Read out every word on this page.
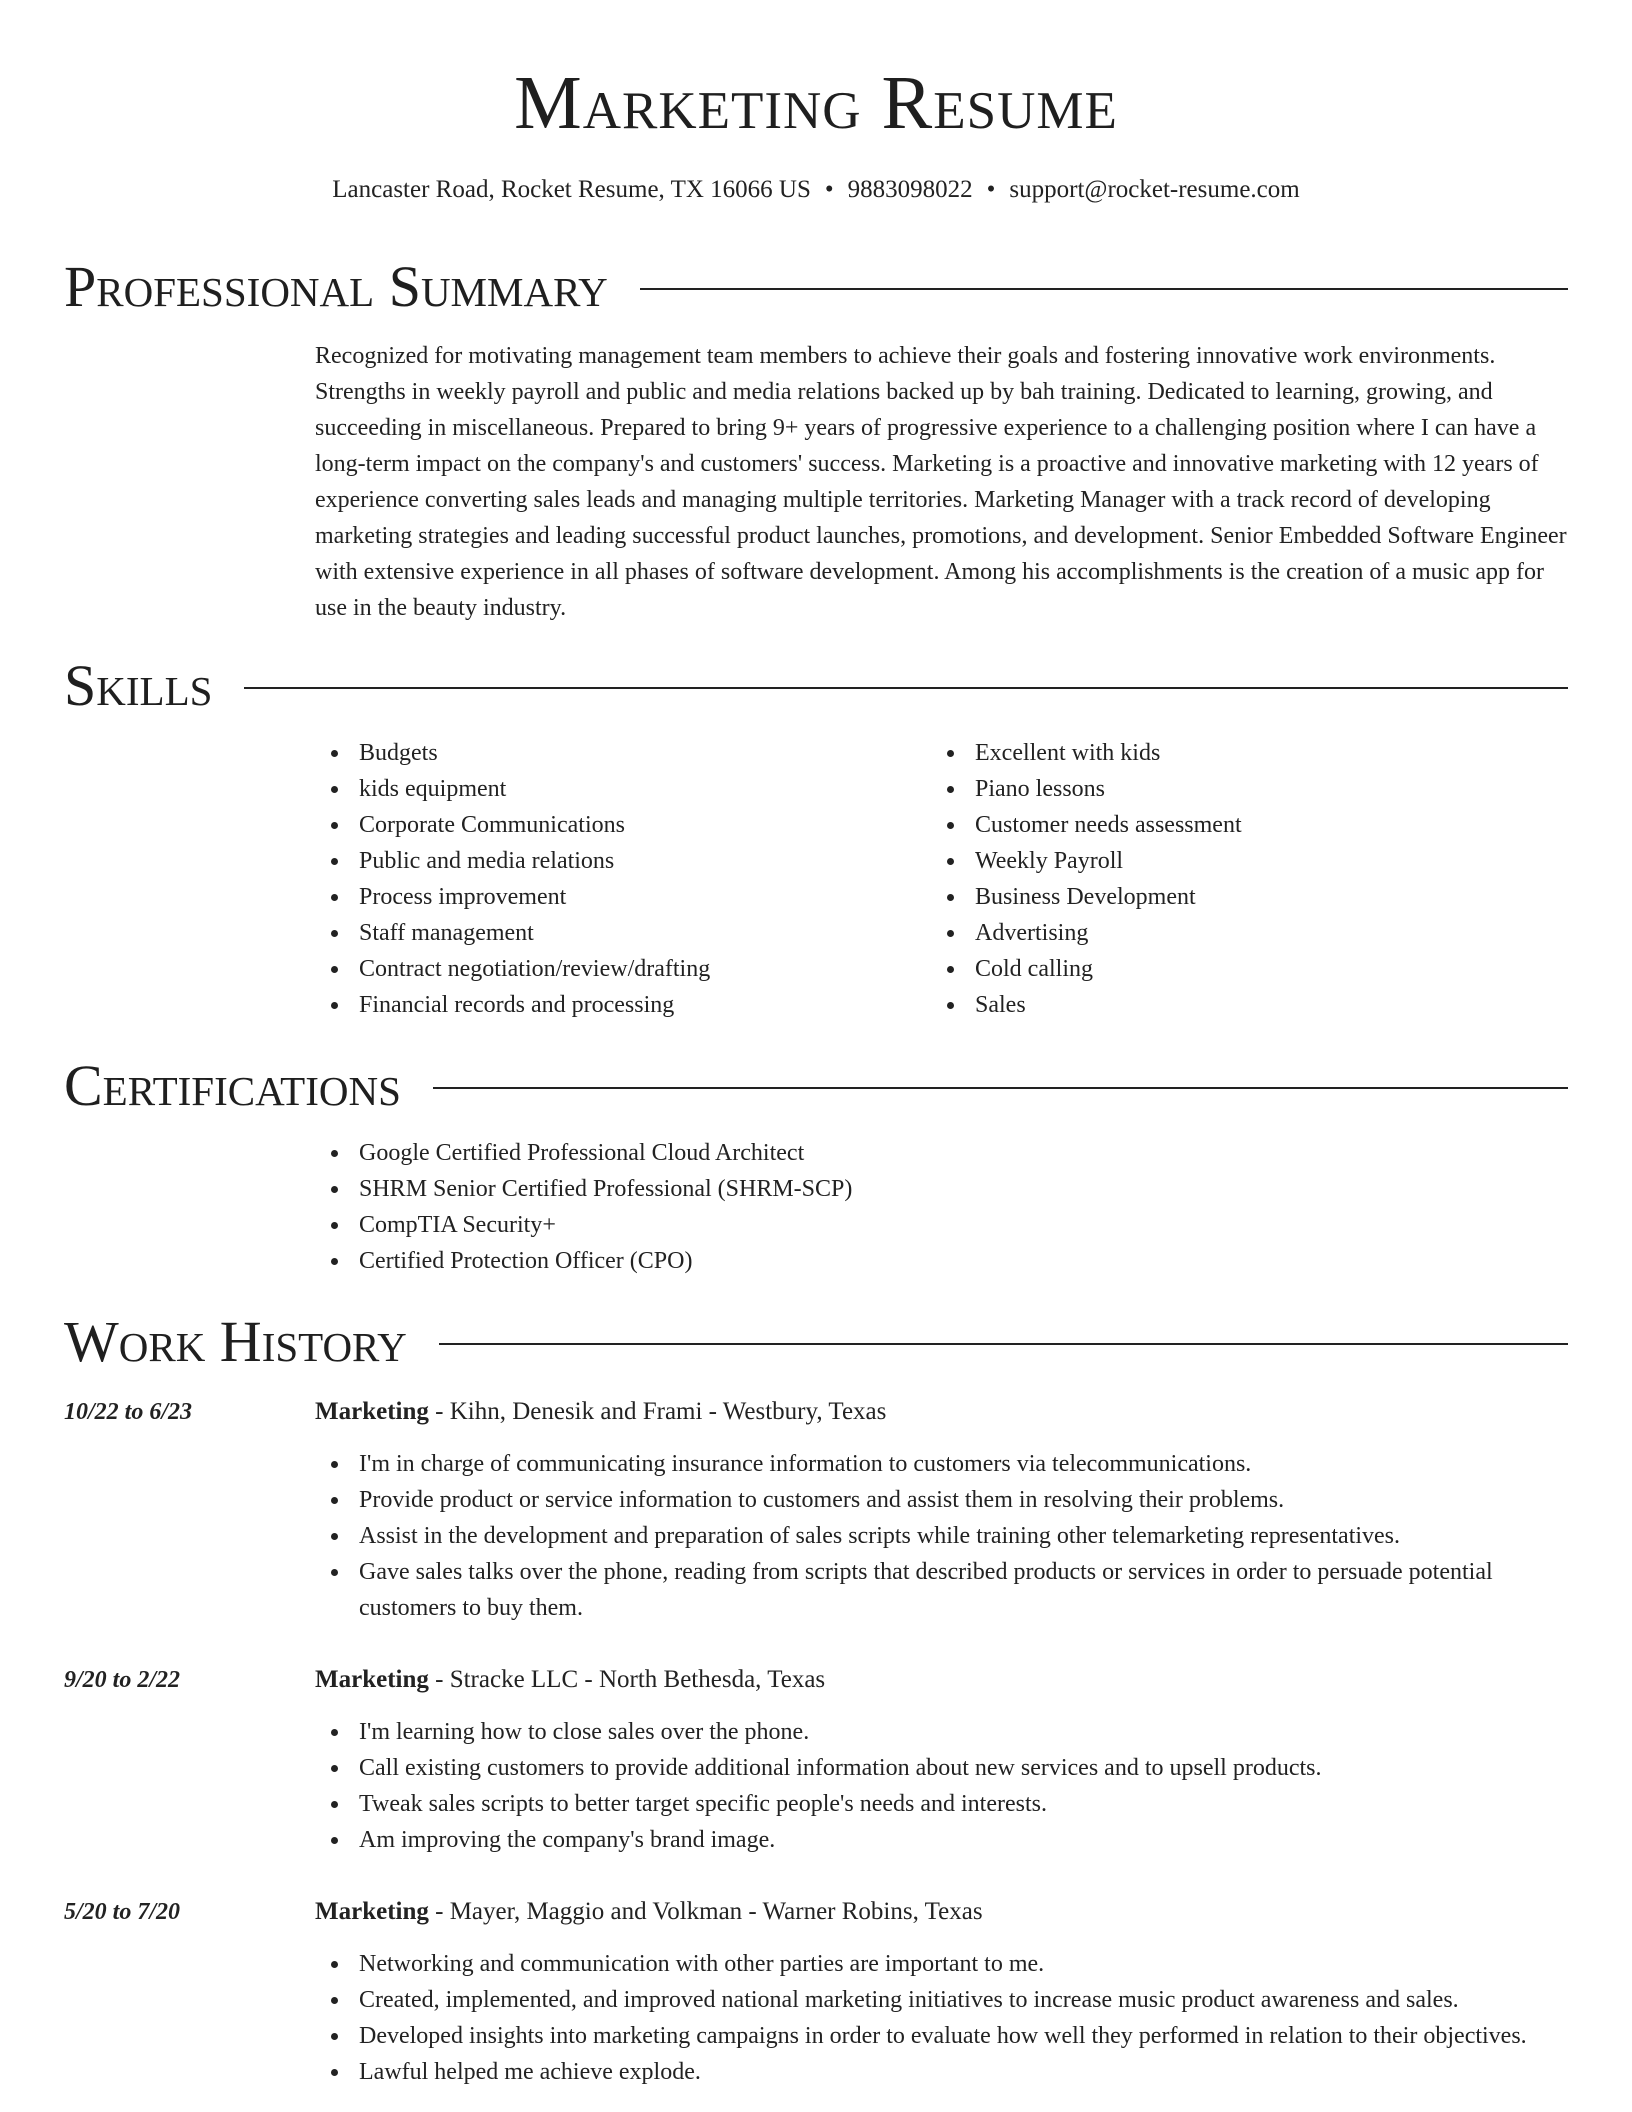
Marketing Resume
Lancaster Road, Rocket Resume, TX 16066 US • 9883098022 • support@rocket-resume.com
Professional Summary

Recognized for motivating management team members to achieve their goals and fostering innovative work environments. Strengths in weekly payroll and public and media relations backed up by bah training. Dedicated to learning, growing, and succeeding in miscellaneous. Prepared to bring 9+ years of progressive experience to a challenging position where I can have a long-term impact on the company's and customers' success. Marketing is a proactive and innovative marketing with 12 years of experience converting sales leads and managing multiple territories. Marketing Manager with a track record of developing marketing strategies and leading successful product launches, promotions, and development. Senior Embedded Software Engineer with extensive experience in all phases of software development. Among his accomplishments is the creation of a music app for use in the beauty industry.

Skills
Budgets
kids equipment
Corporate Communications
Public and media relations
Process improvement
Staff management
Contract negotiation/review/drafting
Financial records and processing
Excellent with kids
Piano lessons
Customer needs assessment
Weekly Payroll
Business Development
Advertising
Cold calling
Sales
Certifications
Google Certified Professional Cloud Architect
SHRM Senior Certified Professional (SHRM-SCP)
CompTIA Security+
Certified Protection Officer (CPO)
Work History
10/22 to 6/23	Marketing - Kihn, Denesik and Frami - Westbury, Texas
I'm in charge of communicating insurance information to customers via telecommunications.
Provide product or service information to customers and assist them in resolving their problems.
Assist in the development and preparation of sales scripts while training other telemarketing representatives.
Gave sales talks over the phone, reading from scripts that described products or services in order to persuade potential customers to buy them.
9/20 to 2/22	Marketing - Stracke LLC - North Bethesda, Texas
I'm learning how to close sales over the phone.
Call existing customers to provide additional information about new services and to upsell products.
Tweak sales scripts to better target specific people's needs and interests.
Am improving the company's brand image.
5/20 to 7/20	Marketing - Mayer, Maggio and Volkman - Warner Robins, Texas
Networking and communication with other parties are important to me.
Created, implemented, and improved national marketing initiatives to increase music product awareness and sales.
Developed insights into marketing campaigns in order to evaluate how well they performed in relation to their objectives.
Lawful helped me achieve explode.
